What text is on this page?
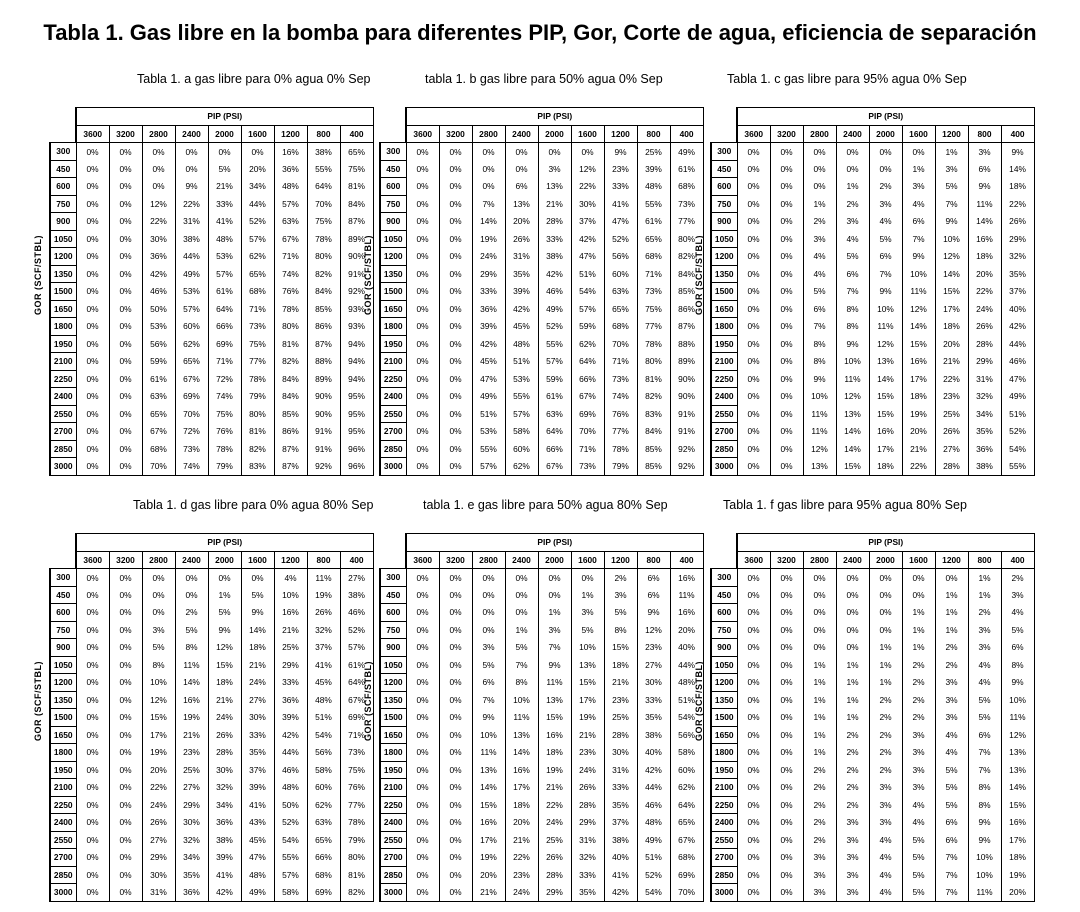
Tabla 1. Gas libre en la bomba para diferentes PIP, Gor, Corte de agua, eficiencia de separación
Tabla 1. a gas libre para 0% agua 0% Sep	tabla 1. b gas libre para 50% agua 0% Sep	Tabla 1. c gas libre para 95% agua 0% Sep
Tabla 1. d gas libre para 0% agua 80% Sep	tabla 1. e gas libre para 50% agua 80% Sep	Tabla 1. f gas libre para 95% agua 80% Sep
GOR (SCF/STBL)
	PIP (PSI)								
	3600	3200	2800	2400	2000	1600	1200	800	400
300	0%	0%	0%	0%	0%	0%	16%	38%	65%
450	0%	0%	0%	0%	5%	20%	36%	55%	75%
600	0%	0%	0%	9%	21%	34%	48%	64%	81%
750	0%	0%	12%	22%	33%	44%	57%	70%	84%
900	0%	0%	22%	31%	41%	52%	63%	75%	87%
1050	0%	0%	30%	38%	48%	57%	67%	78%	89%
1200	0%	0%	36%	44%	53%	62%	71%	80%	90%
1350	0%	0%	42%	49%	57%	65%	74%	82%	91%
1500	0%	0%	46%	53%	61%	68%	76%	84%	92%
1650	0%	0%	50%	57%	64%	71%	78%	85%	93%
1800	0%	0%	53%	60%	66%	73%	80%	86%	93%
1950	0%	0%	56%	62%	69%	75%	81%	87%	94%
2100	0%	0%	59%	65%	71%	77%	82%	88%	94%
2250	0%	0%	61%	67%	72%	78%	84%	89%	94%
2400	0%	0%	63%	69%	74%	79%	84%	90%	95%
2550	0%	0%	65%	70%	75%	80%	85%	90%	95%
2700	0%	0%	67%	72%	76%	81%	86%	91%	95%
2850	0%	0%	68%	73%	78%	82%	87%	91%	96%
3000	0%	0%	70%	74%	79%	83%	87%	92%	96%
GOR (SCF/STBL)
	PIP (PSI)								
	3600	3200	2800	2400	2000	1600	1200	800	400
300	0%	0%	0%	0%	0%	0%	9%	25%	49%
450	0%	0%	0%	0%	3%	12%	23%	39%	61%
600	0%	0%	0%	6%	13%	22%	33%	48%	68%
750	0%	0%	7%	13%	21%	30%	41%	55%	73%
900	0%	0%	14%	20%	28%	37%	47%	61%	77%
1050	0%	0%	19%	26%	33%	42%	52%	65%	80%
1200	0%	0%	24%	31%	38%	47%	56%	68%	82%
1350	0%	0%	29%	35%	42%	51%	60%	71%	84%
1500	0%	0%	33%	39%	46%	54%	63%	73%	85%
1650	0%	0%	36%	42%	49%	57%	65%	75%	86%
1800	0%	0%	39%	45%	52%	59%	68%	77%	87%
1950	0%	0%	42%	48%	55%	62%	70%	78%	88%
2100	0%	0%	45%	51%	57%	64%	71%	80%	89%
2250	0%	0%	47%	53%	59%	66%	73%	81%	90%
2400	0%	0%	49%	55%	61%	67%	74%	82%	90%
2550	0%	0%	51%	57%	63%	69%	76%	83%	91%
2700	0%	0%	53%	58%	64%	70%	77%	84%	91%
2850	0%	0%	55%	60%	66%	71%	78%	85%	92%
3000	0%	0%	57%	62%	67%	73%	79%	85%	92%
GOR (SCF/STBL)
	PIP (PSI)								
	3600	3200	2800	2400	2000	1600	1200	800	400
300	0%	0%	0%	0%	0%	0%	1%	3%	9%
450	0%	0%	0%	0%	0%	1%	3%	6%	14%
600	0%	0%	0%	1%	2%	3%	5%	9%	18%
750	0%	0%	1%	2%	3%	4%	7%	11%	22%
900	0%	0%	2%	3%	4%	6%	9%	14%	26%
1050	0%	0%	3%	4%	5%	7%	10%	16%	29%
1200	0%	0%	4%	5%	6%	9%	12%	18%	32%
1350	0%	0%	4%	6%	7%	10%	14%	20%	35%
1500	0%	0%	5%	7%	9%	11%	15%	22%	37%
1650	0%	0%	6%	8%	10%	12%	17%	24%	40%
1800	0%	0%	7%	8%	11%	14%	18%	26%	42%
1950	0%	0%	8%	9%	12%	15%	20%	28%	44%
2100	0%	0%	8%	10%	13%	16%	21%	29%	46%
2250	0%	0%	9%	11%	14%	17%	22%	31%	47%
2400	0%	0%	10%	12%	15%	18%	23%	32%	49%
2550	0%	0%	11%	13%	15%	19%	25%	34%	51%
2700	0%	0%	11%	14%	16%	20%	26%	35%	52%
2850	0%	0%	12%	14%	17%	21%	27%	36%	54%
3000	0%	0%	13%	15%	18%	22%	28%	38%	55%
GOR (SCF/STBL)
	PIP (PSI)								
	3600	3200	2800	2400	2000	1600	1200	800	400
300	0%	0%	0%	0%	0%	0%	4%	11%	27%
450	0%	0%	0%	0%	1%	5%	10%	19%	38%
600	0%	0%	0%	2%	5%	9%	16%	26%	46%
750	0%	0%	3%	5%	9%	14%	21%	32%	52%
900	0%	0%	5%	8%	12%	18%	25%	37%	57%
1050	0%	0%	8%	11%	15%	21%	29%	41%	61%
1200	0%	0%	10%	14%	18%	24%	33%	45%	64%
1350	0%	0%	12%	16%	21%	27%	36%	48%	67%
1500	0%	0%	15%	19%	24%	30%	39%	51%	69%
1650	0%	0%	17%	21%	26%	33%	42%	54%	71%
1800	0%	0%	19%	23%	28%	35%	44%	56%	73%
1950	0%	0%	20%	25%	30%	37%	46%	58%	75%
2100	0%	0%	22%	27%	32%	39%	48%	60%	76%
2250	0%	0%	24%	29%	34%	41%	50%	62%	77%
2400	0%	0%	26%	30%	36%	43%	52%	63%	78%
2550	0%	0%	27%	32%	38%	45%	54%	65%	79%
2700	0%	0%	29%	34%	39%	47%	55%	66%	80%
2850	0%	0%	30%	35%	41%	48%	57%	68%	81%
3000	0%	0%	31%	36%	42%	49%	58%	69%	82%
GOR (SCF/STBL)
	PIP (PSI)								
	3600	3200	2800	2400	2000	1600	1200	800	400
300	0%	0%	0%	0%	0%	0%	2%	6%	16%
450	0%	0%	0%	0%	0%	1%	3%	6%	11%
600	0%	0%	0%	0%	1%	3%	5%	9%	16%
750	0%	0%	0%	1%	3%	5%	8%	12%	20%
900	0%	0%	3%	5%	7%	10%	15%	23%	40%
1050	0%	0%	5%	7%	9%	13%	18%	27%	44%
1200	0%	0%	6%	8%	11%	15%	21%	30%	48%
1350	0%	0%	7%	10%	13%	17%	23%	33%	51%
1500	0%	0%	9%	11%	15%	19%	25%	35%	54%
1650	0%	0%	10%	13%	16%	21%	28%	38%	56%
1800	0%	0%	11%	14%	18%	23%	30%	40%	58%
1950	0%	0%	13%	16%	19%	24%	31%	42%	60%
2100	0%	0%	14%	17%	21%	26%	33%	44%	62%
2250	0%	0%	15%	18%	22%	28%	35%	46%	64%
2400	0%	0%	16%	20%	24%	29%	37%	48%	65%
2550	0%	0%	17%	21%	25%	31%	38%	49%	67%
2700	0%	0%	19%	22%	26%	32%	40%	51%	68%
2850	0%	0%	20%	23%	28%	33%	41%	52%	69%
3000	0%	0%	21%	24%	29%	35%	42%	54%	70%
GOR (SCF/STBL)
	PIP (PSI)								
	3600	3200	2800	2400	2000	1600	1200	800	400
300	0%	0%	0%	0%	0%	0%	0%	1%	2%
450	0%	0%	0%	0%	0%	0%	1%	1%	3%
600	0%	0%	0%	0%	0%	1%	1%	2%	4%
750	0%	0%	0%	0%	0%	1%	1%	3%	5%
900	0%	0%	0%	0%	1%	1%	2%	3%	6%
1050	0%	0%	1%	1%	1%	2%	2%	4%	8%
1200	0%	0%	1%	1%	1%	2%	3%	4%	9%
1350	0%	0%	1%	1%	2%	2%	3%	5%	10%
1500	0%	0%	1%	1%	2%	2%	3%	5%	11%
1650	0%	0%	1%	2%	2%	3%	4%	6%	12%
1800	0%	0%	1%	2%	2%	3%	4%	7%	13%
1950	0%	0%	2%	2%	2%	3%	5%	7%	13%
2100	0%	0%	2%	2%	3%	3%	5%	8%	14%
2250	0%	0%	2%	2%	3%	4%	5%	8%	15%
2400	0%	0%	2%	3%	3%	4%	6%	9%	16%
2550	0%	0%	2%	3%	4%	5%	6%	9%	17%
2700	0%	0%	3%	3%	4%	5%	7%	10%	18%
2850	0%	0%	3%	3%	4%	5%	7%	10%	19%
3000	0%	0%	3%	3%	4%	5%	7%	11%	20%
